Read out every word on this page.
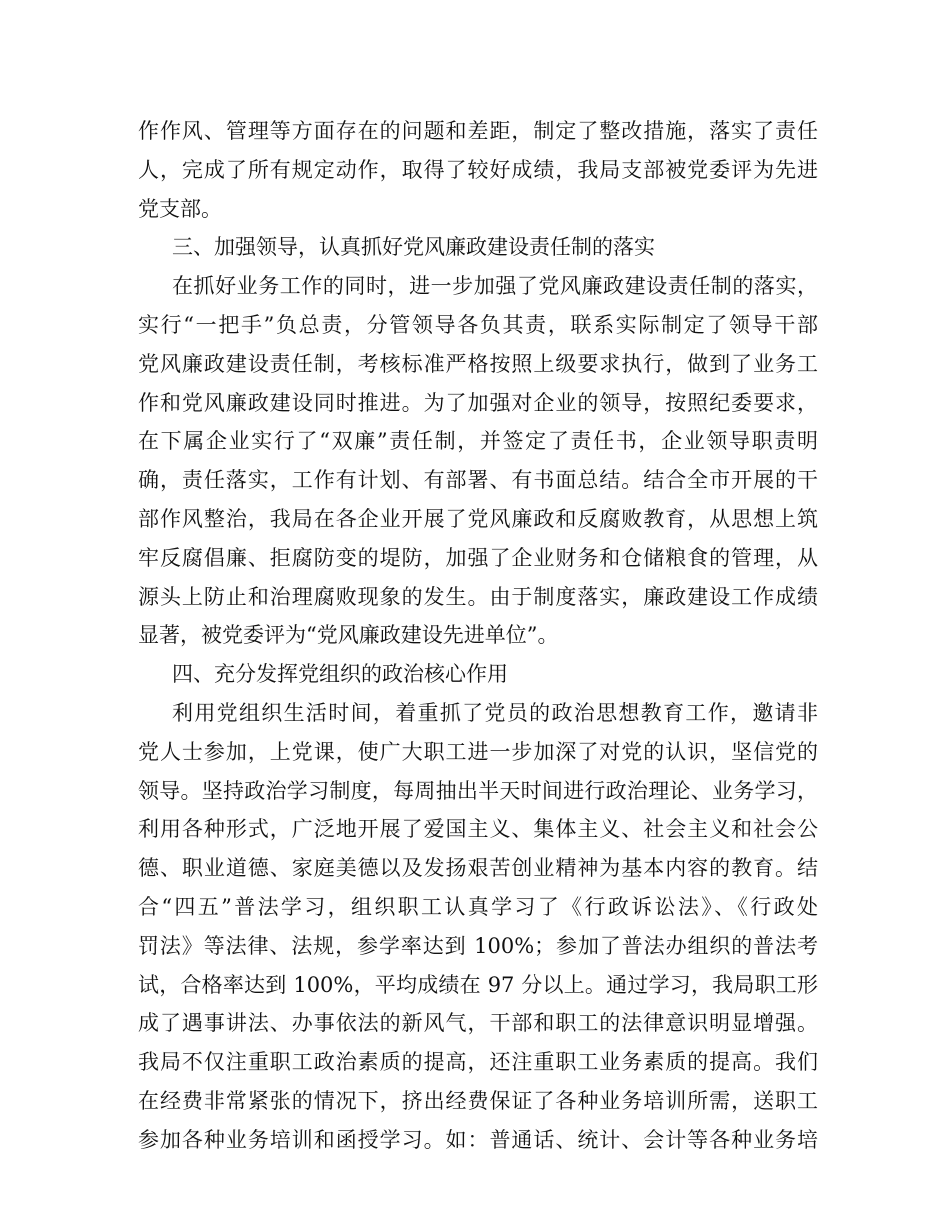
作作风、管理等方面存在的问题和差距，制定了整改措施，落实了责任
人，完成了所有规定动作，取得了较好成绩，我局支部被党委评为先进
党支部。
三、加强领导，认真抓好党风廉政建设责任制的落实
在抓好业务工作的同时，进一步加强了党风廉政建设责任制的落实，
实行“一把手”负总责，分管领导各负其责，联系实际制定了领导干部
党风廉政建设责任制，考核标准严格按照上级要求执行，做到了业务工
作和党风廉政建设同时推进。为了加强对企业的领导，按照纪委要求，
在下属企业实行了“双廉”责任制，并签定了责任书，企业领导职责明
确，责任落实，工作有计划、有部署、有书面总结。结合全市开展的干
部作风整治，我局在各企业开展了党风廉政和反腐败教育，从思想上筑
牢反腐倡廉、拒腐防变的堤防，加强了企业财务和仓储粮食的管理，从
源头上防止和治理腐败现象的发生。由于制度落实，廉政建设工作成绩
显著，被党委评为“党风廉政建设先进单位”。
四、充分发挥党组织的政治核心作用
利用党组织生活时间，着重抓了党员的政治思想教育工作，邀请非
党人士参加，上党课，使广大职工进一步加深了对党的认识，坚信党的
领导。坚持政治学习制度，每周抽出半天时间进行政治理论、业务学习，
利用各种形式，广泛地开展了爱国主义、集体主义、社会主义和社会公
德、职业道德、家庭美德以及发扬艰苦创业精神为基本内容的教育。结
合“四五”普法学习，组织职工认真学习了《行政诉讼法》、《行政处
罚法》等法律、法规，参学率达到 100%；参加了普法办组织的普法考
试，合格率达到 100%，平均成绩在 97 分以上。通过学习，我局职工形
成了遇事讲法、办事依法的新风气，干部和职工的法律意识明显增强。
我局不仅注重职工政治素质的提高，还注重职工业务素质的提高。我们
在经费非常紧张的情况下，挤出经费保证了各种业务培训所需，送职工
参加各种业务培训和函授学习。如：普通话、统计、会计等各种业务培
